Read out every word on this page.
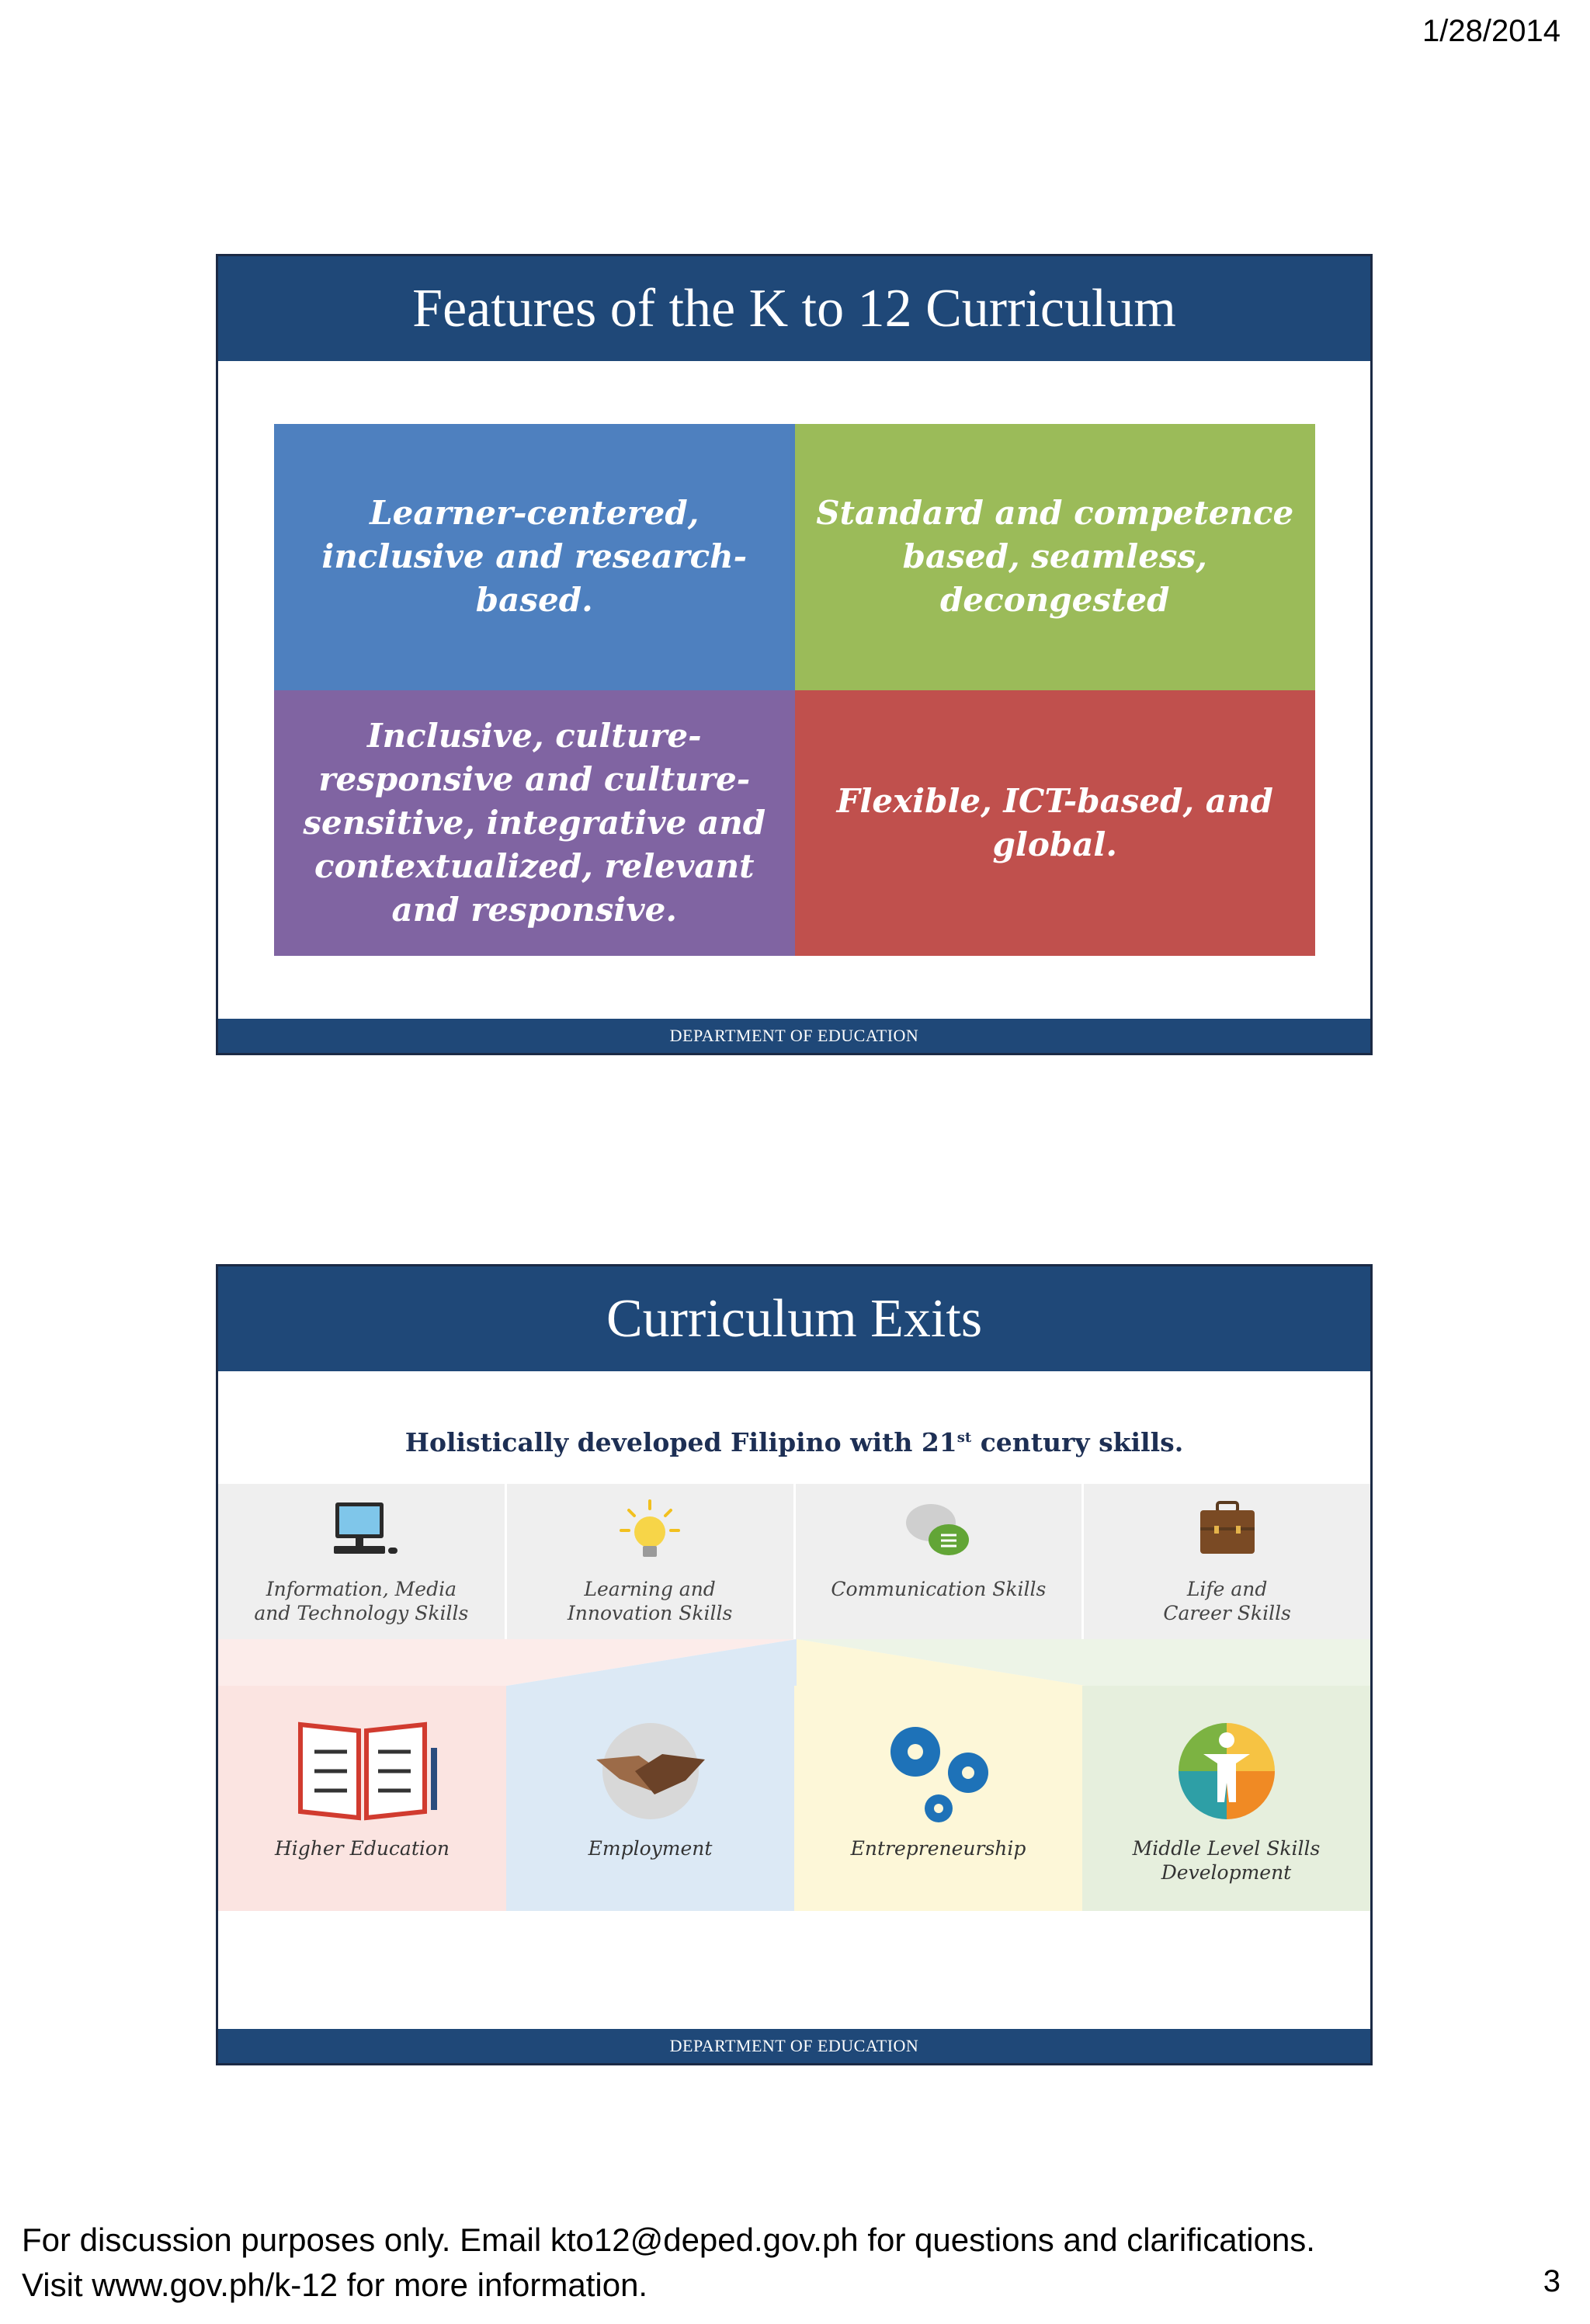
1/28/2014
Features of the K to 12 Curriculum
Learner-centered, inclusive and research-based.
Standard and competence based, seamless, decongested
Inclusive, culture-responsive and culture-sensitive, integrative and contextualized, relevant and responsive.
Flexible, ICT-based, and global.
DEPARTMENT OF EDUCATION
Curriculum Exits
Holistically developed Filipino with 21st century skills.
Information, Media
and Technology Skills
Learning and
Innovation Skills
Communication Skills	Life and
Career Skills
Higher Education	Employment	Entrepreneurship	Middle Level Skills
Development
DEPARTMENT OF EDUCATION
For discussion purposes only. Email kto12@deped.gov.ph for questions and clarifications.
Visit www.gov.ph/k-12 for more information.	3
